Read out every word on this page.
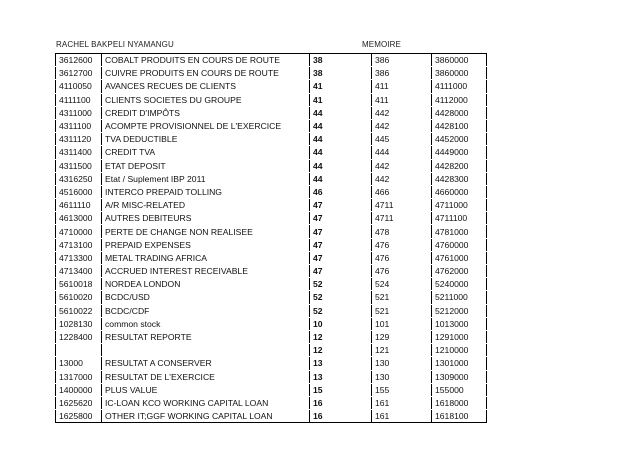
RACHEL BAKPELI NYAMANGU	MEMOIRE
3612600	COBALT PRODUITS EN COURS DE ROUTE	38	386	3860000
3612700	CUIVRE PRODUITS EN COURS DE ROUTE	38	386	3860000
4110050	AVANCES RECUES DE CLIENTS	41	411	4111000
4111100	CLIENTS SOCIETES DU GROUPE	41	411	4112000
4311000	CREDIT D'IMPÔTS	44	442	4428000
4311100	ACOMPTE PROVISIONNEL DE L'EXERCICE	44	442	4428100
4311120	TVA DEDUCTIBLE	44	445	4452000
4311400	CREDIT TVA	44	444	4449000
4311500	ETAT DEPOSIT	44	442	4428200
4316250	Etat / Suplement IBP 2011	44	442	4428300
4516000	INTERCO PREPAID TOLLING	46	466	4660000
4611110	A/R MISC-RELATED	47	4711	4711000
4613000	AUTRES DEBITEURS	47	4711	4711100
4710000	PERTE DE CHANGE NON REALISEE	47	478	4781000
4713100	PREPAID EXPENSES	47	476	4760000
4713300	METAL TRADING AFRICA	47	476	4761000
4713400	ACCRUED INTEREST RECEIVABLE	47	476	4762000
5610018	NORDEA LONDON	52	524	5240000
5610020	BCDC/USD	52	521	5211000
5610022	BCDC/CDF	52	521	5212000
1028130	common stock	10	101	1013000
1228400	RESULTAT REPORTE	12	129	1291000
		12	121	1210000
13000	RESULTAT A CONSERVER	13	130	1301000
1317000	RESULTAT DE L'EXERCICE	13	130	1309000
1400000	PLUS VALUE	15	155	155000
1625620	IC-LOAN KCO WORKING CAPITAL LOAN	16	161	1618000
1625800	OTHER IT;GGF WORKING CAPITAL LOAN	16	161	1618100
